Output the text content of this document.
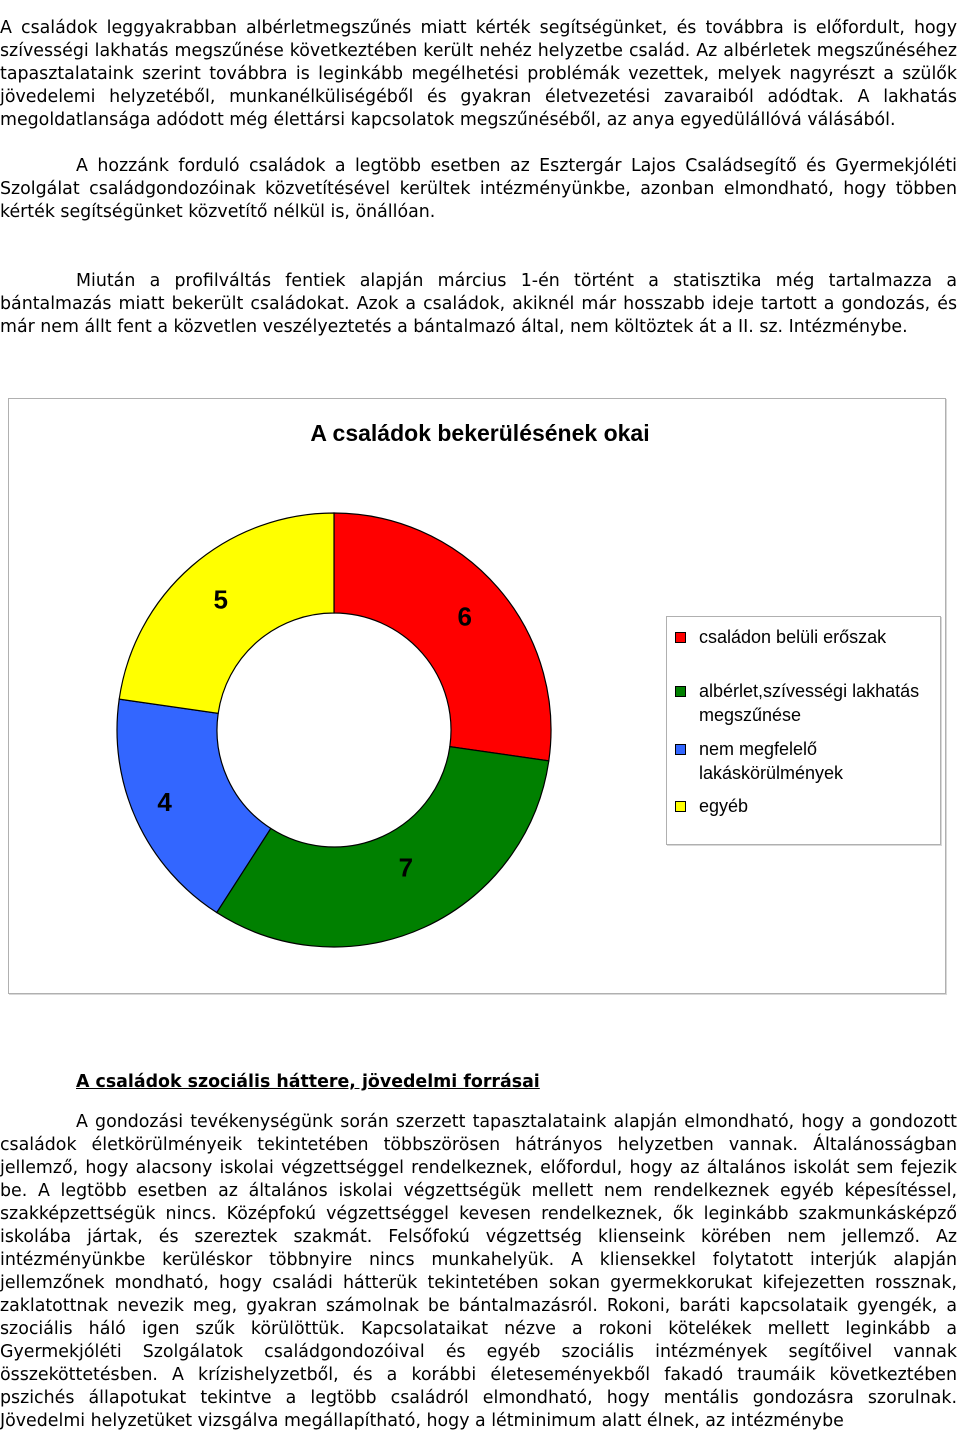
A családok leggyakrabban albérletmegszűnés miatt kérték segítségünket, és továbbra is előfordult, hogy szívességi lakhatás megszűnése következtében került nehéz helyzetbe család. Az albérletek megszűnéséhez tapasztalataink szerint továbbra is leginkább megélhetési problémák vezettek, melyek nagyrészt a szülők jövedelemi helyzetéből, munkanélküliségéből és gyakran életvezetési zavaraiból adódtak. A lakhatás megoldatlansága adódott még élettársi kapcsolatok megszűnéséből, az anya egyedülállóvá válásából.

A hozzánk forduló családok a legtöbb esetben az Esztergár Lajos Családsegítő és Gyermekjóléti Szolgálat családgondozóinak közvetítésével kerültek intézményünkbe, azonban elmondható, hogy többen kérték segítségünket közvetítő nélkül is, önállóan.

Miután a profilváltás fentiek alapján március 1-én történt a statisztika még tartalmazza a bántalmazás miatt bekerült családokat. Azok a családok, akiknél már hosszabb ideje tartott a gondozás, és már nem állt fent a közvetlen veszélyeztetés a bántalmazó által, nem költöztek át a II. sz. Intézménybe.

A családok bekerülésének okai
6
7
4
5
családon belüli erőszak
albérlet,szívességi lakhatás megszűnése
nem megfelelő lakáskörülmények
egyéb

A családok szociális háttere, jövedelmi forrásai

A gondozási tevékenységünk során szerzett tapasztalataink alapján elmondható, hogy a gondozott családok életkörülményeik tekintetében többszörösen hátrányos helyzetben vannak. Általánosságban jellemző, hogy alacsony iskolai végzettséggel rendelkeznek, előfordul, hogy az általános iskolát sem fejezik be. A legtöbb esetben az általános iskolai végzettségük mellett nem rendelkeznek egyéb képesítéssel, szakképzettségük nincs. Középfokú végzettséggel kevesen rendelkeznek, ők leginkább szakmunkásképző iskolába jártak, és szereztek szakmát. Felsőfokú végzettség klienseink körében nem jellemző. Az intézményünkbe kerüléskor többnyire nincs munkahelyük. A kliensekkel folytatott interjúk alapján jellemzőnek mondható, hogy családi hátterük tekintetében sokan gyermekkorukat kifejezetten rossznak, zaklatottnak nevezik meg, gyakran számolnak be bántalmazásról. Rokoni, baráti kapcsolataik gyengék, a szociális háló igen szűk körülöttük. Kapcsolataikat nézve a rokoni kötelékek mellett leginkább a Gyermekjóléti Szolgálatok családgondozóival és egyéb szociális intézmények segítőivel vannak összeköttetésben. A krízishelyzetből, és a korábbi életeseményekből fakadó traumáik következtében pszichés állapotukat tekintve a legtöbb családról elmondható, hogy mentális gondozásra szorulnak. Jövedelmi helyzetüket vizsgálva megállapítható, hogy a létminimum alatt élnek, az intézménybe
